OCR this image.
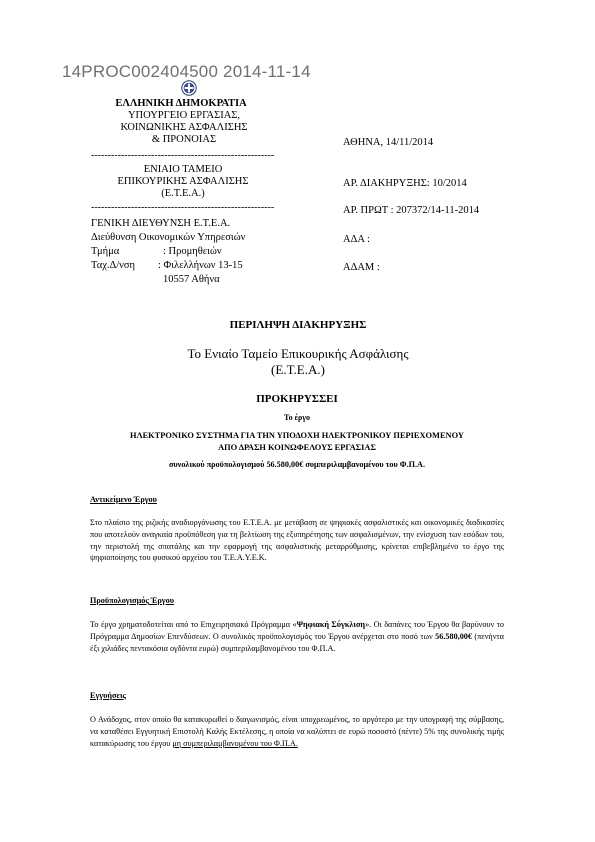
14PROC002404500 2014-11-14
ΕΛΛΗΝΙΚΗ ΔΗΜΟΚΡΑΤΙΑ
ΥΠΟΥΡΓΕΙΟ ΕΡΓΑΣΙΑΣ,
ΚΟΙΝΩΝΙΚΗΣ ΑΣΦΑΛΙΣΗΣ
& ΠΡΟΝΟΙΑΣ	ΑΘΗΝΑ, 14/11/2014
-------------------------------------------------------
ΕΝΙΑΙΟ ΤΑΜΕΙΟ
ΕΠΙΚΟΥΡΙΚΗΣ ΑΣΦΑΛΙΣΗΣ
(Ε.Τ.Ε.Α.)
ΑΡ. ΔΙΑΚΗΡΥΞΗΣ: 10/2014
-------------------------------------------------------	ΑΡ. ΠΡΩΤ : 207372/14-11-2014
ΓΕΝΙΚΗ ΔΙΕΥΘΥΝΣΗ Ε.Τ.Ε.Α.
Διεύθυνση Οικονομικών Υπηρεσιών	ΑΔΑ :
Τμήμα	: Προμηθειών
Ταχ.Δ/νση : Φιλελλήνων 13-15	ΑΔΑΜ :
10557 Αθήνα
ΠΕΡΙΛΗΨΗ ΔΙΑΚΗΡΥΞΗΣ
Το Ενιαίο Ταμείο Επικουρικής Ασφάλισης
(Ε.Τ.Ε.Α.)
ΠΡΟΚΗΡΥΣΣΕΙ
Το έργο
ΗΛΕΚΤΡΟΝΙΚΟ ΣΥΣΤΗΜΑ ΓΙΑ ΤΗΝ ΥΠΟΔΟΧΗ ΗΛΕΚΤΡΟΝΙΚΟΥ ΠΕΡΙΕΧΟΜΕΝΟΥ
ΑΠΟ ΔΡΑΣΗ ΚΟΙΝΩΦΕΛΟΥΣ ΕΡΓΑΣΙΑΣ
συνολικού προϋπολογισμού 56.580,00€ συμπεριλαμβανομένου του Φ.Π.Α.
Αντικείμενο Έργου
Στο πλαίσιο της ριζικής αναδιοργάνωσης του Ε.Τ.Ε.Α. με μετάβαση σε ψηφιακές ασφαλιστικές και οικονομικές διαδικασίες που αποτελούν αναγκαία προϋπόθεση για τη βελτίωση της εξυπηρέτησης των ασφαλισμένων, την ενίσχυση των εσόδων του, την περιστολή της σπατάλης και την εφαρμογή της ασφαλιστικής μεταρρύθμισης, κρίνεται επιβεβλημένο το έργο της ψηφιοποίησης του φυσικού αρχείου του Τ.Ε.Α.Υ.Ε.Κ.
Προϋπολογισμός Έργου
Το έργο χρηματοδοτείται από το Επιχειρησιακό Πρόγραμμα «Ψηφιακή Σύγκλιση». Οι δαπάνες του Έργου θα βαρύνουν το Πρόγραμμα Δημοσίων Επενδύσεων. Ο συνολικός προϋπολογισμός του Έργου ανέρχεται στο ποσό των 56.580,00€ (πενήντα έξι χιλιάδες πεντακόσια ογδόντα ευρώ) συμπεριλαμβανομένου του Φ.Π.Α.
Εγγυήσεις
Ο Ανάδοχος, στον οποίο θα κατακυρωθεί ο διαγωνισμός, είναι υποχρεωμένος, το αργότερο με την υπογραφή της σύμβασης, να καταθέσει Εγγυητική Επιστολή Καλής Εκτέλεσης, η οποία να καλύπτει σε ευρώ ποσοστό (πέντε) 5% της συνολικής τιμής κατακύρωσης του έργου μη συμπεριλαμβανομένου του Φ.Π.Α.
